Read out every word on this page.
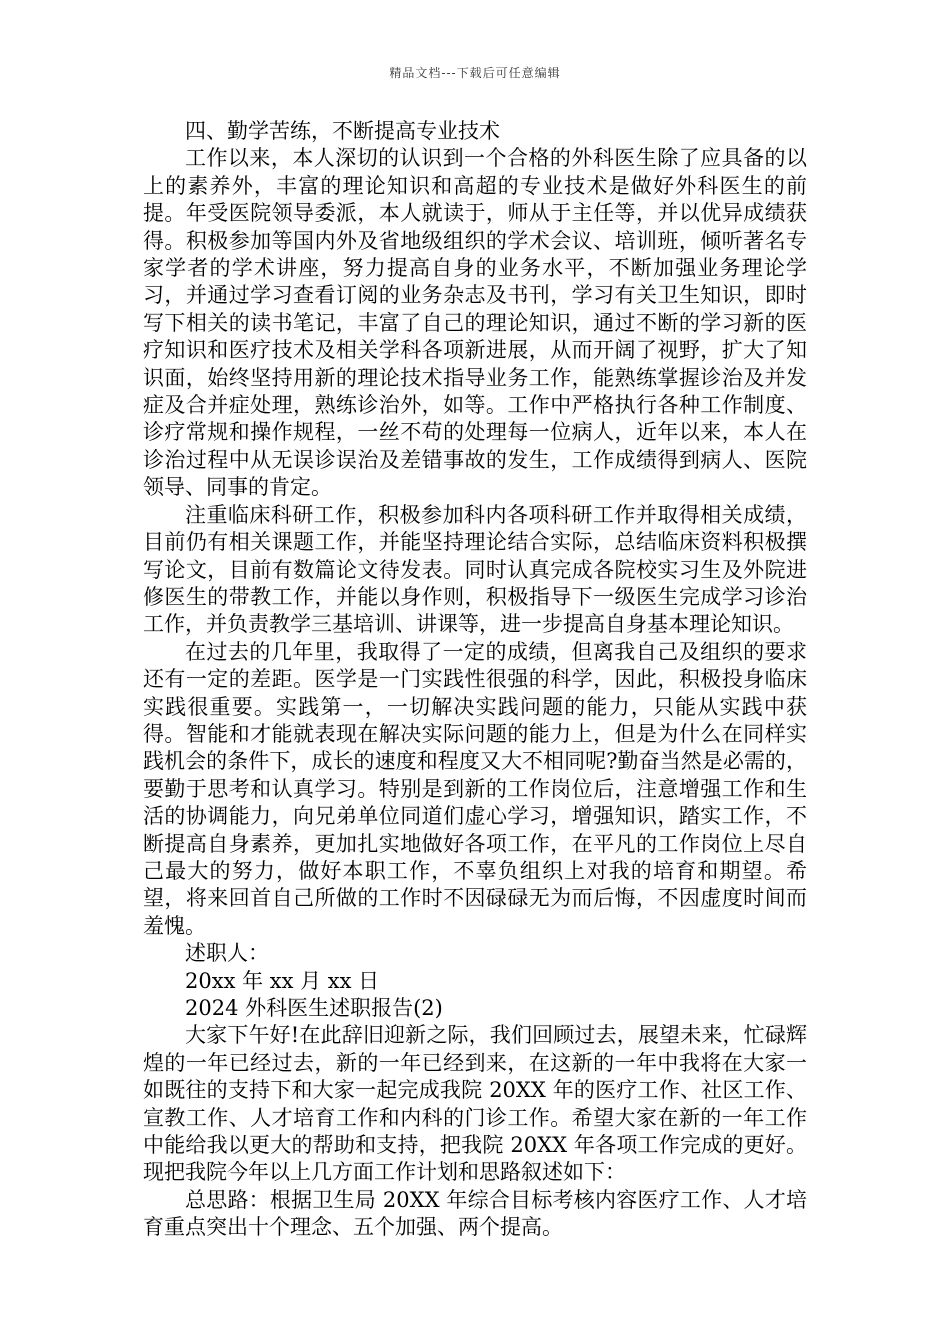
精品文档---下载后可任意编辑

四、勤学苦练，不断提高专业技术

工作以来，本人深切的认识到一个合格的外科医生除了应具备的以上的素养外，丰富的理论知识和高超的专业技术是做好外科医生的前提。年受医院领导委派，本人就读于，师从于主任等，并以优异成绩获得。积极参加等国内外及省地级组织的学术会议、培训班，倾听著名专家学者的学术讲座，努力提高自身的业务水平，不断加强业务理论学习，并通过学习查看订阅的业务杂志及书刊，学习有关卫生知识，即时写下相关的读书笔记，丰富了自己的理论知识，通过不断的学习新的医疗知识和医疗技术及相关学科各项新进展，从而开阔了视野，扩大了知识面，始终坚持用新的理论技术指导业务工作，能熟练掌握诊治及并发症及合并症处理，熟练诊治外，如等。工作中严格执行各种工作制度、诊疗常规和操作规程，一丝不苟的处理每一位病人，近年以来，本人在诊治过程中从无误诊误治及差错事故的发生，工作成绩得到病人、医院领导、同事的肯定。

注重临床科研工作，积极参加科内各项科研工作并取得相关成绩，目前仍有相关课题工作，并能坚持理论结合实际，总结临床资料积极撰写论文，目前有数篇论文待发表。同时认真完成各院校实习生及外院进修医生的带教工作，并能以身作则，积极指导下一级医生完成学习诊治工作，并负责教学三基培训、讲课等，进一步提高自身基本理论知识。

在过去的几年里，我取得了一定的成绩，但离我自己及组织的要求还有一定的差距。医学是一门实践性很强的科学，因此，积极投身临床实践很重要。实践第一，一切解决实践问题的能力，只能从实践中获得。智能和才能就表现在解决实际问题的能力上，但是为什么在同样实践机会的条件下，成长的速度和程度又大不相同呢?勤奋当然是必需的，要勤于思考和认真学习。特别是到新的工作岗位后，注意增强工作和生活的协调能力，向兄弟单位同道们虚心学习，增强知识，踏实工作，不断提高自身素养，更加扎实地做好各项工作，在平凡的工作岗位上尽自己最大的努力，做好本职工作，不辜负组织上对我的培育和期望。希望，将来回首自己所做的工作时不因碌碌无为而后悔，不因虚度时间而羞愧。

述职人：

20xx 年 xx 月 xx 日

2024 外科医生述职报告(2)

大家下午好!在此辞旧迎新之际，我们回顾过去，展望未来，忙碌辉煌的一年已经过去，新的一年已经到来，在这新的一年中我将在大家一如既往的支持下和大家一起完成我院 20XX 年的医疗工作、社区工作、宣教工作、人才培育工作和内科的门诊工作。希望大家在新的一年工作中能给我以更大的帮助和支持，把我院 20XX 年各项工作完成的更好。现把我院今年以上几方面工作计划和思路叙述如下：

总思路：根据卫生局 20XX 年综合目标考核内容医疗工作、人才培育重点突出十个理念、五个加强、两个提高。
